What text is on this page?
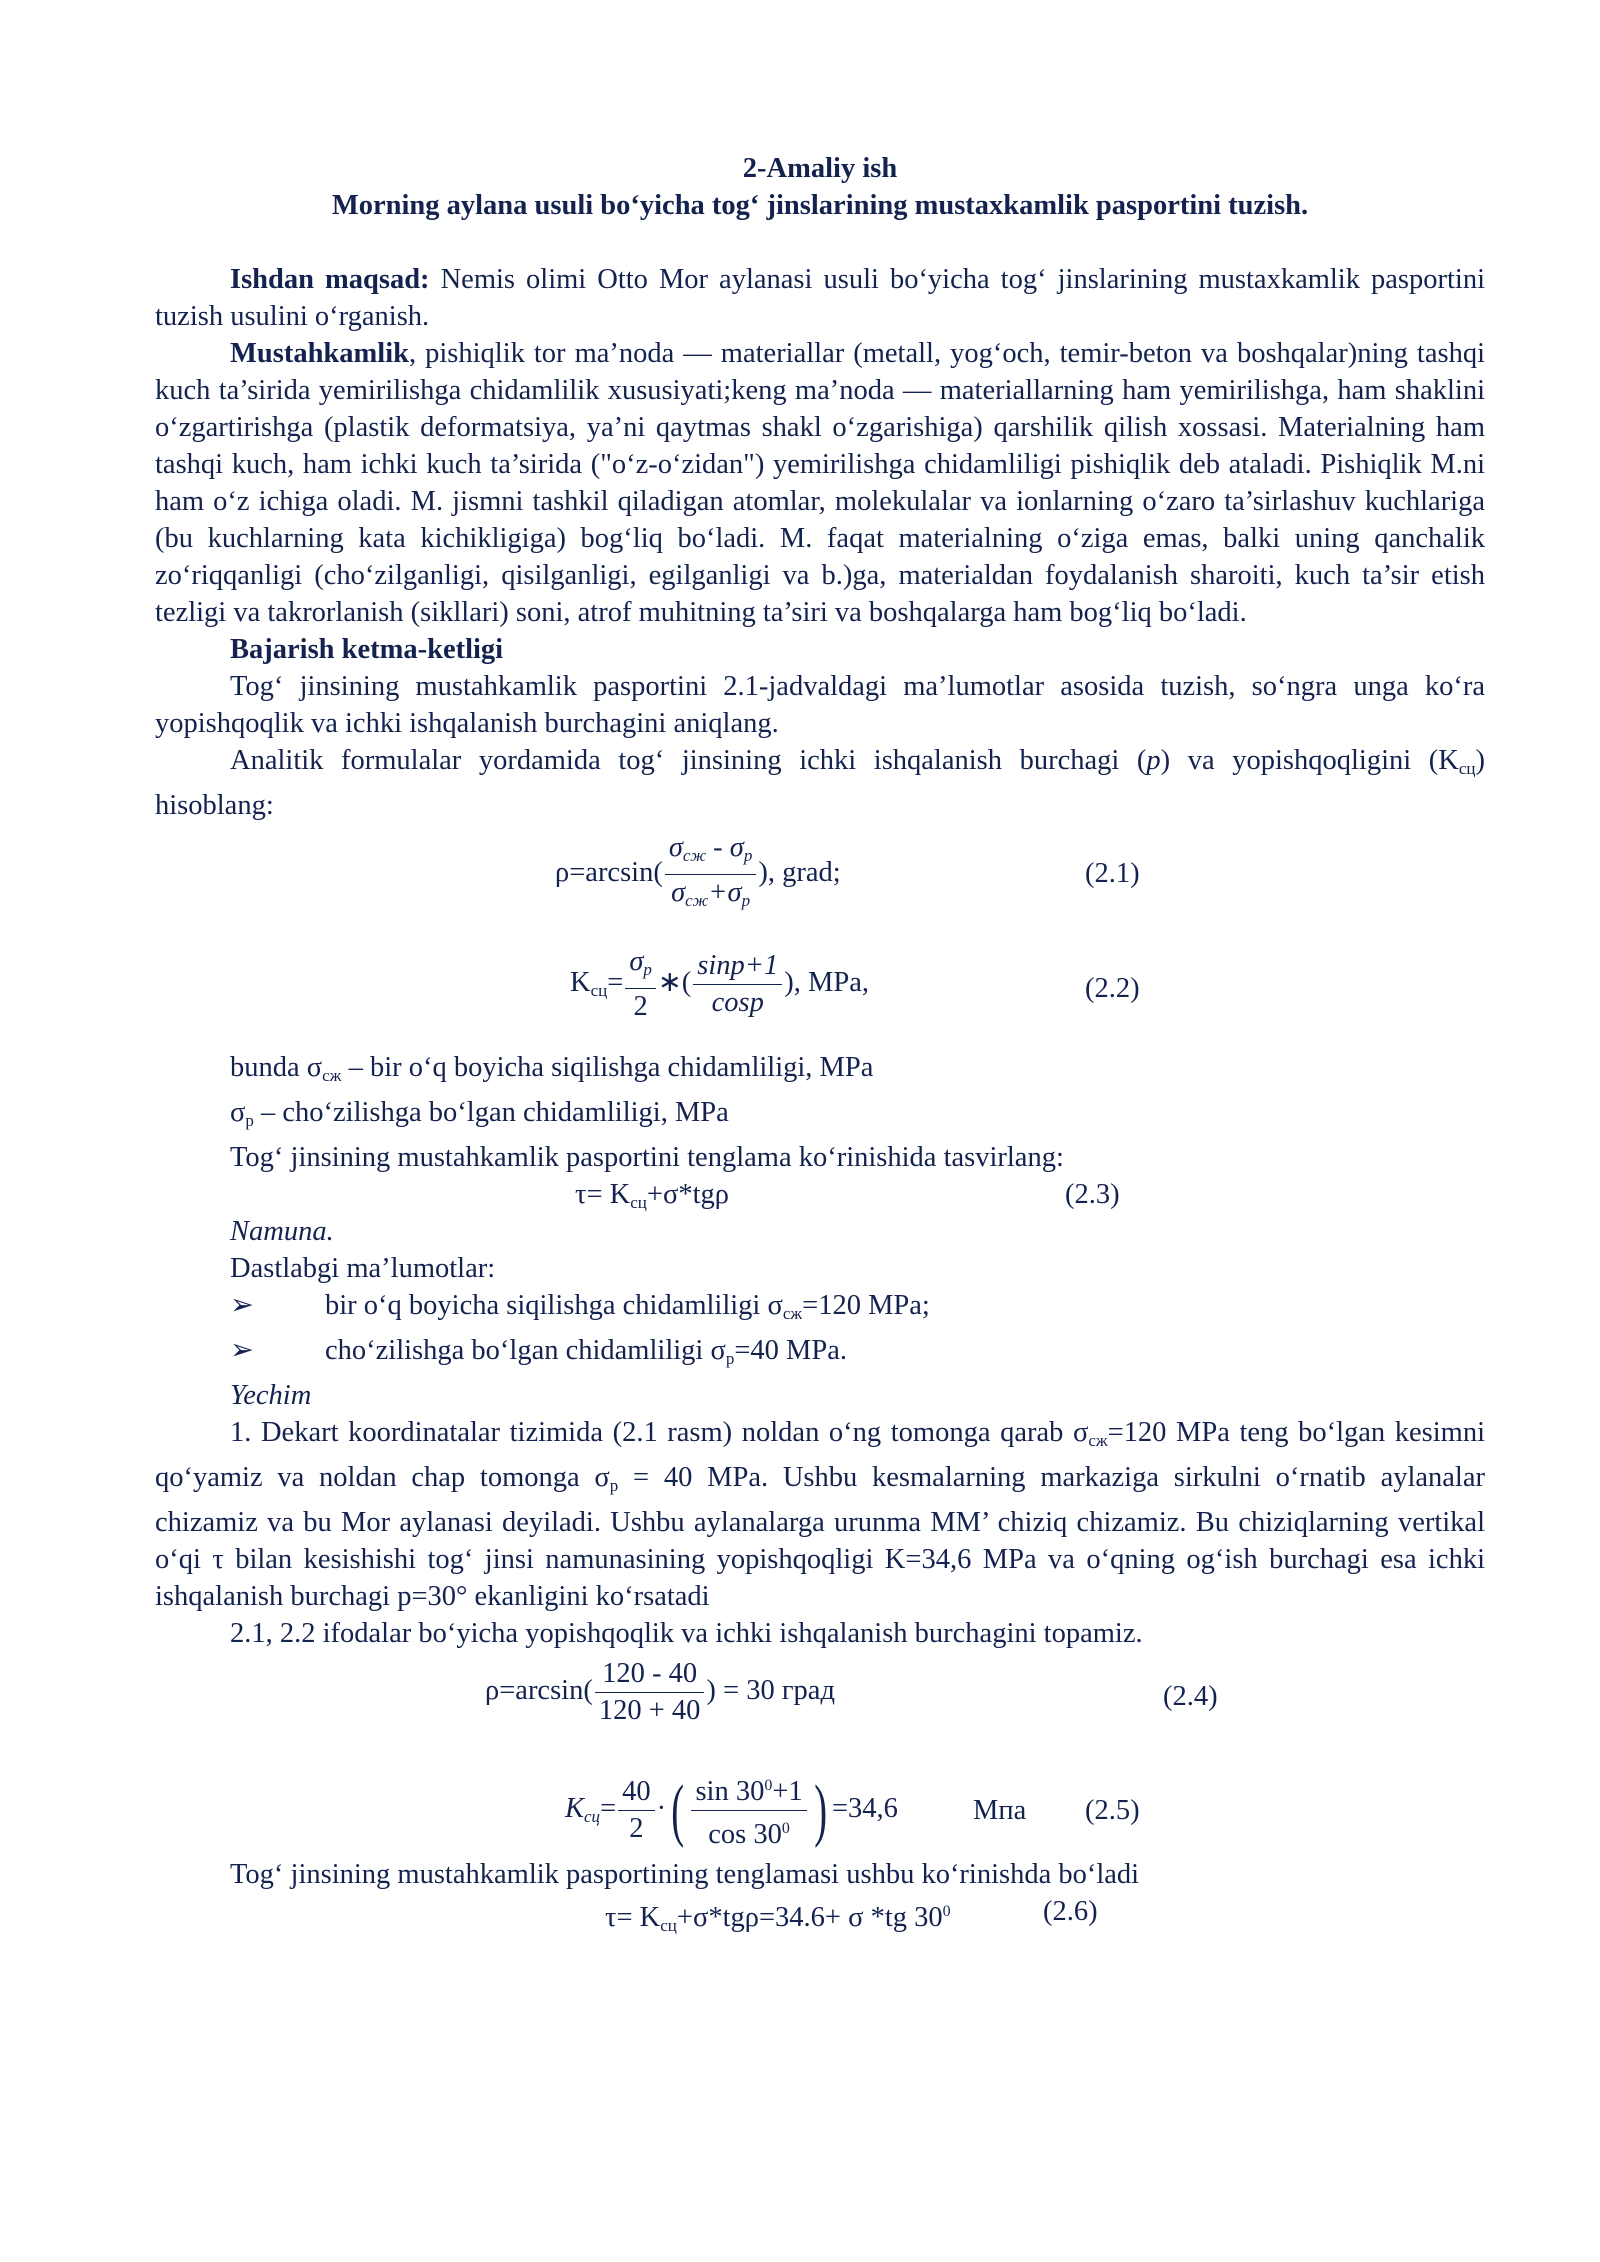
2-Amaliy ish
Morning aylana usuli bo‘yicha tog‘ jinslarining mustaxkamlik pasportini tuzish.

Ishdan maqsad: Nemis olimi Otto Mor aylanasi usuli bo‘yicha tog‘ jinslarining mustaxkamlik pasportini tuzish usulini o‘rganish.

Mustahkamlik, pishiqlik tor ma’noda — materiallar (metall, yog‘och, temir-beton va boshqalar)ning tashqi kuch ta’sirida yemirilishga chidamlilik xususiyati;keng ma’noda — materiallarning ham yemirilishga, ham shaklini o‘zgartirishga (plastik deformatsiya, ya’ni qaytmas shakl o‘zgarishiga) qarshilik qilish xossasi. Materialning ham tashqi kuch, ham ichki kuch ta’sirida ("o‘z-o‘zidan") yemirilishga chidamliligi pishiqlik deb ataladi. Pishiqlik M.ni ham o‘z ichiga oladi. M. jismni tashkil qiladigan atomlar, molekulalar va ionlarning o‘zaro ta’sirlashuv kuchlariga (bu kuchlarning kata kichikligiga) bog‘liq bo‘ladi. M. faqat materialning o‘ziga emas, balki uning qanchalik zo‘riqqanligi (cho‘zilganligi, qisilganligi, egilganligi va b.)ga, materialdan foydalanish sharoiti, kuch ta’sir etish tezligi va takrorlanish (sikllari) soni, atrof muhitning ta’siri va boshqalarga ham bog‘liq bo‘ladi.

Bajarish ketma-ketligi

Tog‘ jinsining mustahkamlik pasportini 2.1-jadvaldagi ma’lumotlar asosida tuzish, so‘ngra unga ko‘ra yopishqoqlik va ichki ishqalanish burchagini aniqlang.

Analitik formulalar yordamida tog‘ jinsining ichki ishqalanish burchagi (p) va yopishqoqligini $(K_{сц})$ hisoblang:

$\rho=\arcsin( \frac{\sigma_{сж} - \sigma_p}{\sigma_{сж}+\sigma_p}$ ), grad;	(2.1)
$K_{сц}= \frac{\sigma_p}{2}$ ∗( $\frac{\sin p+1}{\cos p}$ ), MPa,	(2.2)
bunda $\sigma_{сж}$ – bir o‘q boyicha siqilishga chidamliligi, MPa
$\sigma_p$ – cho‘zilishga bo‘lgan chidamliligi, MPa
Tog‘ jinsining mustahkamlik pasportini tenglama ko‘rinishida tasvirlang:
$\tau= K_{сц}+\sigma*tg\rho$	(2.3)
Namuna.
Dastlabgi ma’lumotlar:
➢	bir o‘q boyicha siqilishga chidamliligi $\sigma_{сж}=120$ MPa;
➢	cho‘zilishga bo‘lgan chidamliligi $\sigma_p=40$ MPa.
Yechim

1. Dekart koordinatalar tizimida (2.1 rasm) noldan o‘ng tomonga qarab $\sigma_{сж}=120$ MPa teng bo‘lgan kesimni qo‘yamiz va noldan chap tomonga $\sigma_p = 40$ MPa. Ushbu kesmalarning markaziga sirkulni o‘rnatib aylanalar chizamiz va bu Mor aylanasi deyiladi. Ushbu aylanalarga urunma MM’ chiziq chizamiz. Bu chiziqlarning vertikal o‘qi τ bilan kesishishi tog‘ jinsi namunasining yopishqoqligi K=34,6 MPa va o‘qning og‘ish burchagi esa ichki ishqalanish burchagi p=30° ekanligini ko‘rsatadi

2.1, 2.2 ifodalar bo‘yicha yopishqoqlik va ichki ishqalanish burchagini topamiz.
$\rho=\arcsin( \frac{120 - 40}{120 + 40}$ ) = 30 град	(2.4)
$K_{сц}= \frac{40}{2}$ ·( $\frac{\sin 30^0+1}{\cos 30^0}$ ) =34,6	Мпа (2.5)
Tog‘ jinsining mustahkamlik pasportining tenglamasi ushbu ko‘rinishda bo‘ladi
$\tau= K_{сц}+\sigma*tg\rho=34.6+ \sigma$ *tg $30^0$	(2.6)
